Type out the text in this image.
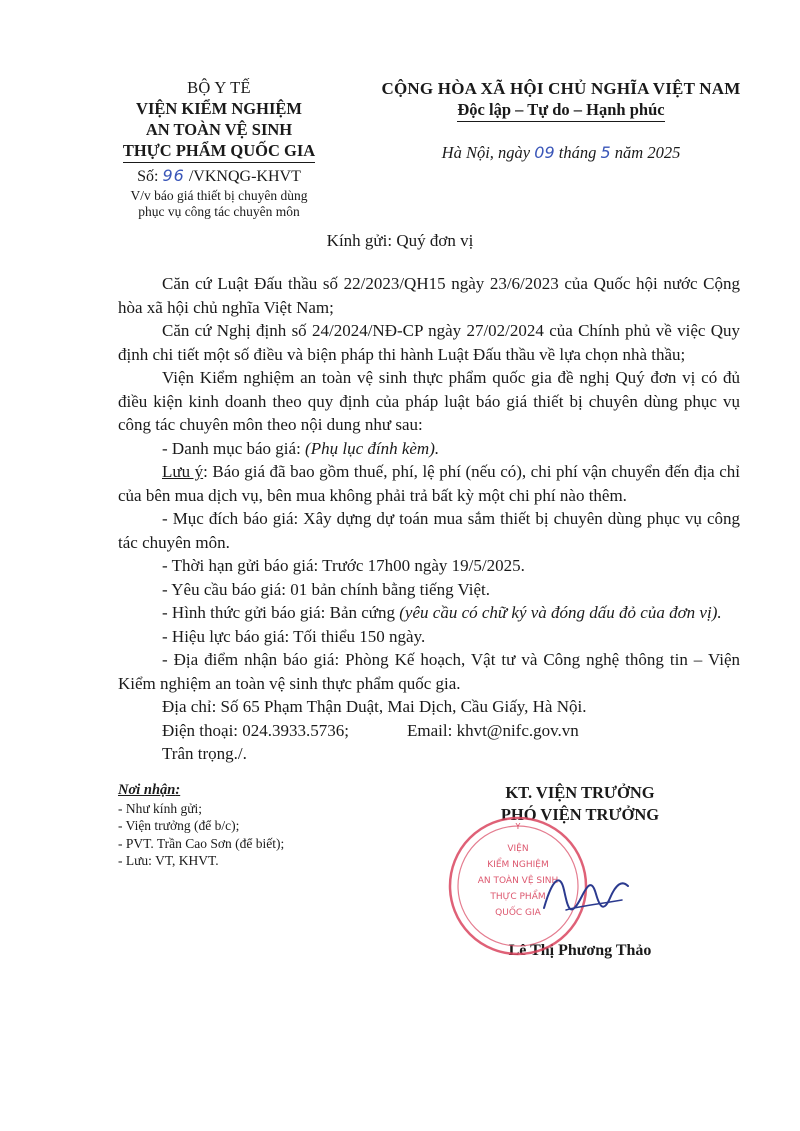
BỘ Y TẾ
VIỆN KIỂM NGHIỆM
AN TOÀN VỆ SINH
THỰC PHẨM QUỐC GIA
Số: 96 /VKNQG-KHVT
V/v báo giá thiết bị chuyên dùng
phục vụ công tác chuyên môn
CỘNG HÒA XÃ HỘI CHỦ NGHĨA VIỆT NAM
Độc lập – Tự do – Hạnh phúc
Hà Nội, ngày 09 tháng 5 năm 2025
Kính gửi: Quý đơn vị

Căn cứ Luật Đấu thầu số 22/2023/QH15 ngày 23/6/2023 của Quốc hội nước Cộng hòa xã hội chủ nghĩa Việt Nam;

Căn cứ Nghị định số 24/2024/NĐ-CP ngày 27/02/2024 của Chính phủ về việc Quy định chi tiết một số điều và biện pháp thi hành Luật Đấu thầu về lựa chọn nhà thầu;

Viện Kiểm nghiệm an toàn vệ sinh thực phẩm quốc gia đề nghị Quý đơn vị có đủ điều kiện kinh doanh theo quy định của pháp luật báo giá thiết bị chuyên dùng phục vụ công tác chuyên môn theo nội dung như sau:

- Danh mục báo giá: (Phụ lục đính kèm).

Lưu ý: Báo giá đã bao gồm thuế, phí, lệ phí (nếu có), chi phí vận chuyển đến địa chỉ của bên mua dịch vụ, bên mua không phải trả bất kỳ một chi phí nào thêm.

- Mục đích báo giá: Xây dựng dự toán mua sắm thiết bị chuyên dùng phục vụ công tác chuyên môn.

- Thời hạn gửi báo giá: Trước 17h00 ngày 19/5/2025.

- Yêu cầu báo giá: 01 bản chính bằng tiếng Việt.

- Hình thức gửi báo giá: Bản cứng (yêu cầu có chữ ký và đóng dấu đỏ của đơn vị).

- Hiệu lực báo giá: Tối thiểu 150 ngày.

- Địa điểm nhận báo giá: Phòng Kế hoạch, Vật tư và Công nghệ thông tin – Viện Kiểm nghiệm an toàn vệ sinh thực phẩm quốc gia.

Địa chỉ: Số 65 Phạm Thận Duật, Mai Dịch, Cầu Giấy, Hà Nội.

Điện thoại: 024.3933.5736;	Email: khvt@nifc.gov.vn

Trân trọng./.

Nơi nhận:
- Như kính gửi;
- Viện trưởng (để b/c);
- PVT. Trần Cao Sơn (để biết);
- Lưu: VT, KHVT.
KT. VIỆN TRƯỞNG
PHÓ VIỆN TRƯỞNG
Lê Thị Phương Thảo
VIỆN
KIỂM NGHIỆM
AN TOÀN VỆ SINH
THỰC PHẨM
QUỐC GIA
Y
